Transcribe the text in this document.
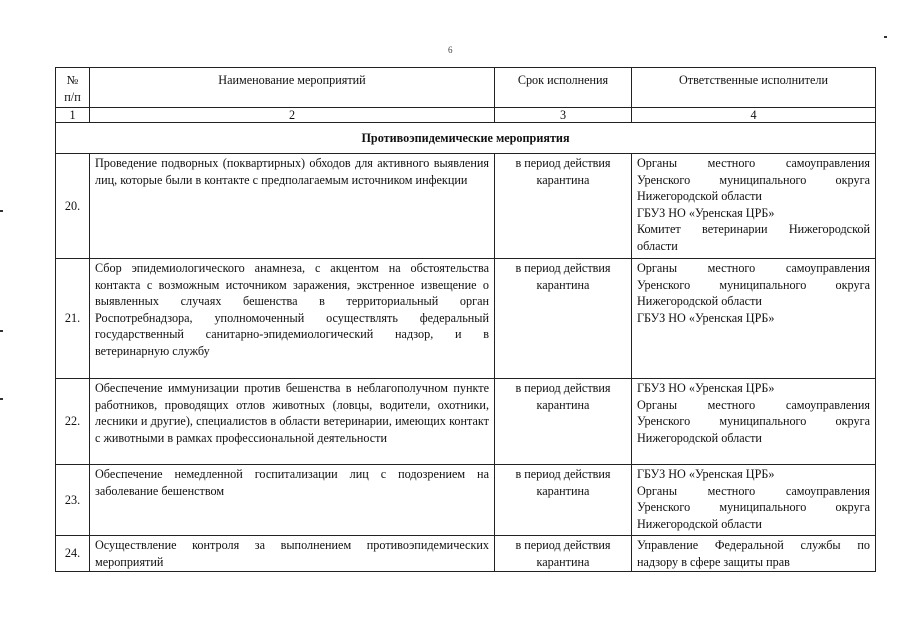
6
№ п/п	Наименование мероприятий	Срок исполнения	Ответственные исполнители
1	2	3	4
Противоэпидемические мероприятия			
20.	Проведение подворных (поквартирных) обходов для активного выявления лиц, которые были в контакте с предполагаемым источником инфекции	в период действия карантина	Органы местного самоуправления Уренского муниципального округа Нижегородской области
ГБУЗ НО «Уренская ЦРБ»
Комитет ветеринарии Нижегородской области

21.	Сбор эпидемиологического анамнеза, с акцентом на обстоятельства контакта с возможным источником заражения, экстренное извещение о выявленных случаях бешенства в территориальный орган Роспотребнадзора, уполномоченный осуществлять федеральный государственный санитарно-эпидемиологический надзор, и в ветеринарную службу	в период действия карантина	Органы местного самоуправления Уренского муниципального округа Нижегородской области
ГБУЗ НО «Уренская ЦРБ»

22.	Обеспечение иммунизации против бешенства в неблагополучном пункте работников, проводящих отлов животных (ловцы, водители, охотники, лесники и другие), специалистов в области ветеринарии, имеющих контакт с животными в рамках профессиональной деятельности	в период действия карантина	ГБУЗ НО «Уренская ЦРБ»
Органы местного самоуправления Уренского муниципального округа Нижегородской области

23.	Обеспечение немедленной госпитализации лиц с подозрением на заболевание бешенством	в период действия карантина	ГБУЗ НО «Уренская ЦРБ»
Органы местного самоуправления Уренского муниципального округа Нижегородской области

24.	Осуществление контроля за выполнением противоэпидемических мероприятий	в период действия карантина	Управление Федеральной службы по надзору в сфере защиты прав
